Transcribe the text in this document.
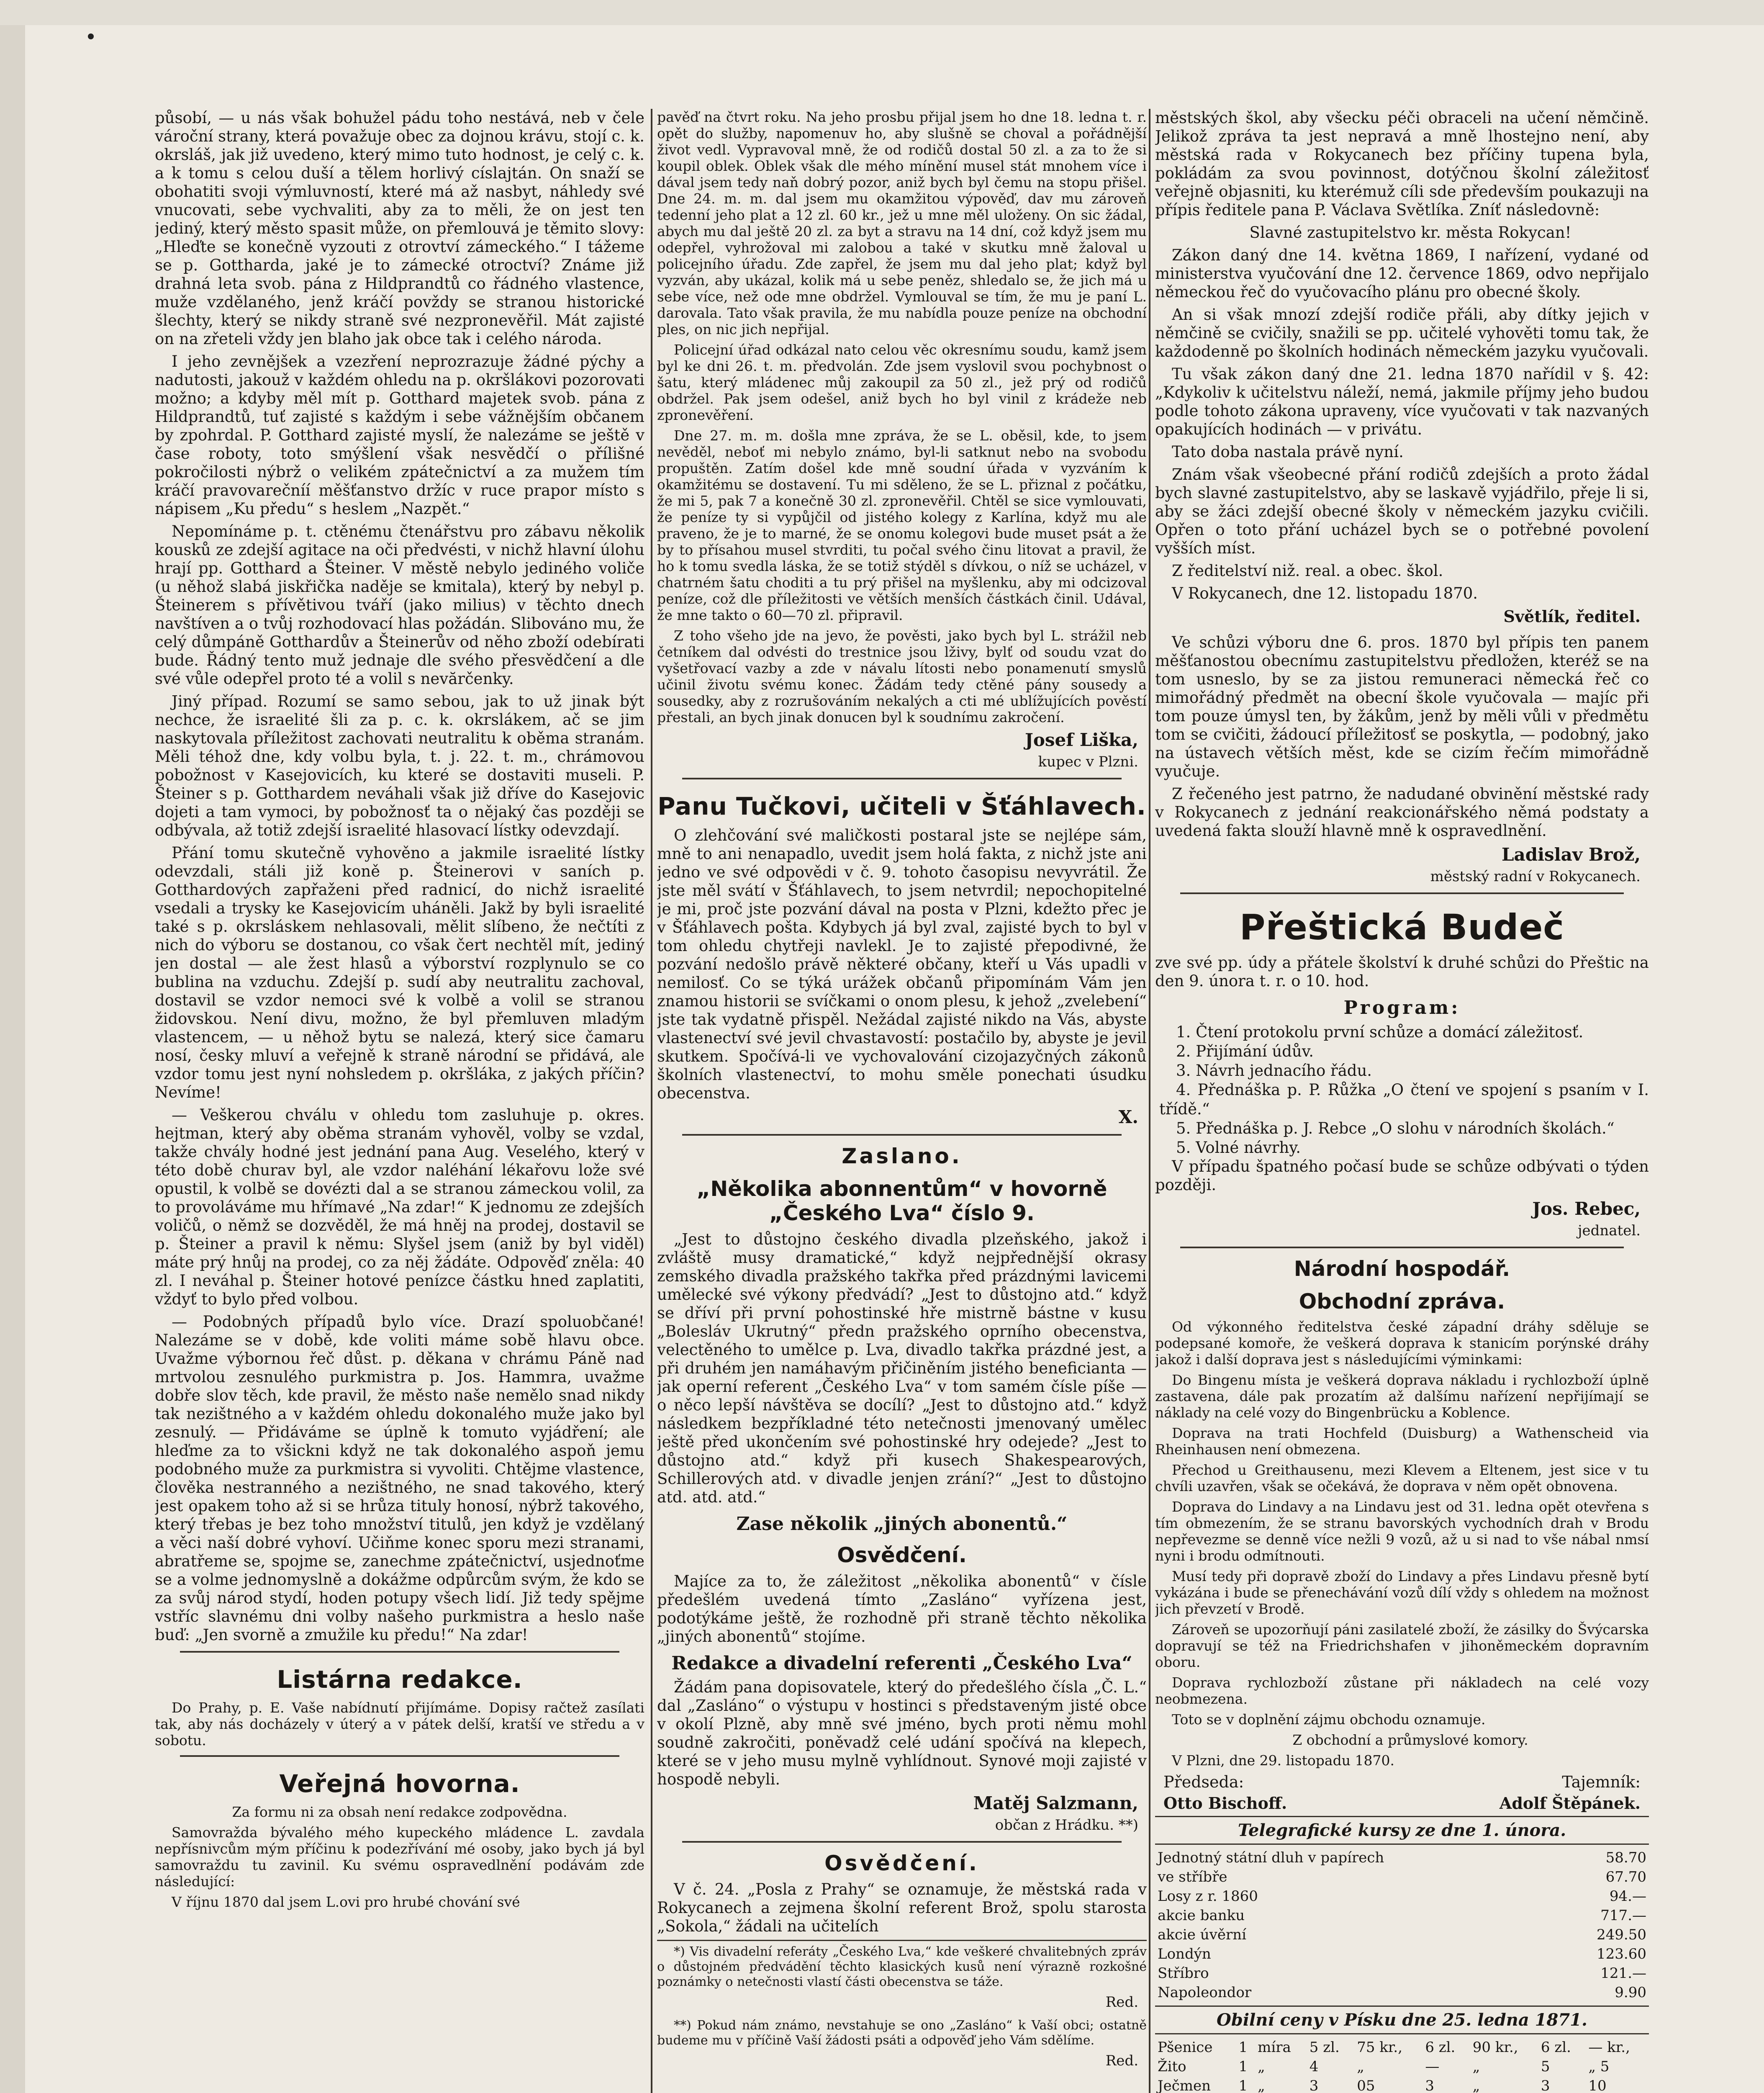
působí, — u nás však bohužel pádu toho nestává, neb v čele vároční strany, která považuje obec za dojnou krávu, stojí c. k. okrsláš, jak již uvedeno, který mimo tuto hodnost, je celý c. k. a k tomu s celou duší a tělem horlivý císlajtán. On snaží se obohatiti svoji výmluvností, které má až nasbyt, náhledy své vnucovati, sebe vychvaliti, aby za to měli, že on jest ten jediný, který město spasit může, on přemlouvá je těmito slovy: „Hleďte se konečně vyzouti z otrovtví zámeckého.“ I tážeme se p. Gottharda, jaké je to zámecké otroctví? Známe již drahná leta svob. pána z Hildprandtů co řádného vlastence, muže vzdělaného, jenž kráčí povždy se stranou historické šlechty, který se nikdy straně své nezpronevěřil. Mát zajisté on na zřeteli vždy jen blaho jak obce tak i celého národa.

I jeho zevnějšek a vzezření neprozrazuje žádné pýchy a nadutosti, jakouž v každém ohledu na p. okršlákovi pozorovati možno; a kdyby měl mít p. Gotthard majetek svob. pána z Hildprandtů, tuť zajisté s každým i sebe vážnějším občanem by zpohrdal. P. Gotthard zajisté myslí, že nalezáme se ještě v čase roboty, toto smýšlení však nesvědčí o přílišné pokročilosti nýbrž o velikém zpátečnictví a za mužem tím kráčí pravovarečníí měšťanstvo držíc v ruce prapor místo s nápisem „Ku předu“ s heslem „Nazpět.“

Nepomínáme p. t. ctěnému čtenářstvu pro zábavu několik kousků ze zdejší agitace na oči předvésti, v nichž hlavní úlohu hrají pp. Gotthard a Šteiner. V městě nebylo jediného voliče (u něhož slabá jiskřička naděje se kmitala), který by nebyl p. Šteinerem s přívětivou tváří (jako milius) v těchto dnech navštíven a o tvůj rozhodovací hlas požádán. Slibováno mu, že celý důmpáně Gotthardův a Šteinerův od něho zboží odebírati bude. Řádný tento muž jednaje dle svého přesvědčení a dle své vůle odepřel proto té a volil s nevărčenky.

Jiný případ. Rozumí se samo sebou, jak to už jinak být nechce, že israelité šli za p. c. k. okrslákem, ač se jim naskytovala příležitost zachovati neutralitu k oběma stranám. Měli téhož dne, kdy volbu byla, t. j. 22. t. m., chrámovou pobožnost v Kasejovicích, ku které se dostaviti museli. P. Šteiner s p. Gotthardem neváhali však již dříve do Kasejovic dojeti a tam vymoci, by pobožnosť ta o nějaký čas později se odbývala, až totiž zdejší israelité hlasovací lístky odevzdají.

Přání tomu skutečně vyhověno a jakmile israelité lístky odevzdali, stáli již koně p. Šteinerovi v saních p. Gotthardových zapřaženi před radnicí, do nichž israelité vsedali a trysky ke Kasejovicím uháněli. Jakž by byli israelité také s p. okrsláskem nehlasovali, mělit slíbeno, že nečtíti z nich do výboru se dostanou, co však čert nechtěl mít, jediný jen dostal — ale žest hlasů a výborství rozplynulo se co bublina na vzduchu. Zdejší p. sudí aby neutralitu zachoval, dostavil se vzdor nemoci své k volbě a volil se stranou židovskou. Není divu, možno, že byl přemluven mladým vlastencem, — u něhož bytu se nalezá, který sice čamaru nosí, česky mluví a veřejně k straně národní se přidává, ale vzdor tomu jest nyní nohsledem p. okršláka, z jakých příčin? Nevíme!

— Veškerou chválu v ohledu tom zasluhuje p. okres. hejtman, který aby oběma stranám vyhověl, volby se vzdal, takže chvály hodné jest jednání pana Aug. Veselého, který v této době churav byl, ale vzdor naléhání lékařovu lože své opustil, k volbě se dovézti dal a se stranou zámeckou volil, za to provoláváme mu hřímavé „Na zdar!“ K jednomu ze zdejších voličů, o němž se dozvěděl, že má hněj na prodej, dostavil se p. Šteiner a pravil k němu: Slyšel jsem (aniž by byl viděl) máte prý hnůj na prodej, co za něj žádáte. Odpověď zněla: 40 zl. I neváhal p. Šteiner hotové penízce částku hned zaplatiti, vždyť to bylo před volbou.

— Podobných případů bylo více. Drazí spoluobčané! Nalezáme se v době, kde voliti máme sobě hlavu obce. Uvažme výbornou řeč důst. p. děkana v chrámu Páně nad mrtvolou zesnulého purkmistra p. Jos. Hammra, uvažme dobře slov těch, kde pravil, že město naše nemělo snad nikdy tak nezištného a v každém ohledu dokonalého muže jako byl zesnulý. — Přidáváme se úplně k tomuto vyjádření; ale hleďme za to všickni když ne tak dokonalého aspoň jemu podobného muže za purkmistra si vyvoliti. Chtějme vlastence, člověka nestranného a nezištného, ne snad takového, který jest opakem toho až si se hrůza tituly honosí, nýbrž takového, který třebas je bez toho množství titulů, jen když je vzdělaný a věci naší dobré vyhoví. Učiňme konec sporu mezi stranami, abratřeme se, spojme se, zanechme zpátečnictví, usjednoťme se a volme jednomyslně a dokážme odpůrcům svým, že kdo se za svůj národ stydí, hoden potupy všech lidí. Již tedy spějme vstříc slavnému dni volby našeho purkmistra a heslo naše buď: „Jen svorně a zmužile ku předu!“ Na zdar!

Listárna redakce.

Do Prahy, p. E. Vaše nabídnutí přijímáme. Dopisy račtež zasílati tak, aby nás docházely v úterý a v pátek delší, kratší ve středu a v sobotu.

Veřejná hovorna.

Za formu ni za obsah není redakce zodpovědna.

Samovražda bývalého mého kupeckého mládence L. zavdala nepřísnivcům mým příčinu k podezřívání mé osoby, jako bych já byl samovraždu tu zavinil. Ku svému ospravedlnění podávám zde následující:

V říjnu 1870 dal jsem L.ovi pro hrubé chování své

pavěď na čtvrt roku. Na jeho prosbu přijal jsem ho dne 18. ledna t. r. opět do služby, napomenuv ho, aby slušně se choval a pořádnější život vedl. Vypravoval mně, že od rodičů dostal 50 zl. a za to že si koupil oblek. Oblek však dle mého mínění musel stát mnohem více i dával jsem tedy naň dobrý pozor, aniž bych byl čemu na stopu přišel. Dne 24. m. m. dal jsem mu okamžitou výpověď, dav mu zároveň tedenní jeho plat a 12 zl. 60 kr., jež u mne měl uloženy. On sic žádal, abych mu dal ještě 20 zl. za byt a stravu na 14 dní, což když jsem mu odepřel, vyhrožoval mi zalobou a také v skutku mně žaloval u policejního úřadu. Zde zapřel, že jsem mu dal jeho plat; když byl vyzván, aby ukázal, kolik má u sebe peněz, shledalo se, že jich má u sebe více, než ode mne obdržel. Vymlouval se tím, že mu je paní L. darovala. Tato však pravila, že mu nabídla pouze peníze na obchodní ples, on nic jich nepřijal.

Policejní úřad odkázal nato celou věc okresnímu soudu, kamž jsem byl ke dni 26. t. m. předvolán. Zde jsem vyslovil svou pochybnost o šatu, který mládenec můj zakoupil za 50 zl., jež prý od rodičů obdržel. Pak jsem odešel, aniž bych ho byl vinil z krádeže neb zpronevěření.

Dne 27. m. m. došla mne zpráva, že se L. oběsil, kde, to jsem nevěděl, neboť mi nebylo známo, byl-li satknut nebo na svobodu propuštěn. Zatím došel kde mně soudní úřada v vyzváním k okamžitému se dostavení. Tu mi sděleno, že se L. přiznal z počátku, že mi 5, pak 7 a konečně 30 zl. zpronevěřil. Chtěl se sice vymlouvati, že peníze ty si vypůjčil od jistého kolegy z Karlína, když mu ale praveno, že je to marné, že se onomu kolegovi bude muset psát a že by to přísahou musel stvrditi, tu počal svého činu litovat a pravil, že ho k tomu svedla láska, že se totiž stýděl s dívkou, o níž se ucházel, v chatrném šatu choditi a tu prý přišel na myšlenku, aby mi odcizoval peníze, což dle příležitosti ve větších menších částkách činil. Udával, že mne takto o 60—70 zl. připravil.

Z toho všeho jde na jevo, že pověsti, jako bych byl L. strážil neb četníkem dal odvésti do trestnice jsou lživy, bylť od soudu vzat do vyšetřovací vazby a zde v návalu lítosti nebo ponamenutí smyslů učinil životu svému konec. Žádám tedy ctěné pány sousedy a sousedky, aby z rozrušováním nekalých a cti mé ublížujících pověstí přestali, an bych jinak donucen byl k soudnímu zakročení.

Josef Liška,
kupec v Plzni.
Panu Tučkovi, učiteli v Šťáhlavech.

O zlehčování své maličkosti postaral jste se nejlépe sám, mně to ani nenapadlo, uvedit jsem holá fakta, z nichž jste ani jedno ve své odpovědi v č. 9. tohoto časopisu nevyvrátil. Že jste měl svátí v Šťáhlavech, to jsem netvrdil; nepochopitelné je mi, proč jste pozvání dával na posta v Plzni, kdežto přec je v Šťáhlavech pošta. Kdybych já byl zval, zajisté bych to byl v tom ohledu chytřeji navlekl. Je to zajisté přepodivné, že pozvání nedošlo právě některé občany, kteří u Vás upadli v nemilosť. Co se týká urážek občanů připomínám Vám jen znamou historii se svíčkami o onom plesu, k jehož „zvelebení“ jste tak vydatně přispěl. Nežádal zajisté nikdo na Vás, abyste vlastenectví své jevil chvastavostí: postačilo by, abyste je jevil skutkem. Spočívá-li ve vychovalování cizojazyčných zákonů školních vlastenectví, to mohu směle ponechati úsudku obecenstva.

X.
Zaslano.
„Několika abonnentům“ v hovorně „Českého Lva“ číslo 9.

„Jest to důstojno českého divadla plzeňského, jakož i zvláště musy dramatické,“ když nejpřednější okrasy zemského divadla pražského takřka před prázdnými lavicemi umělecké své výkony předvádí? „Jest to důstojno atd.“ když se dříví při první pohostinské hře mistrně bástne v kusu „Bolesláv Ukrutný“ předn pražského oprního obecenstva, velectěného to umělce p. Lva, divadlo takřka prázdné jest, a při druhém jen namáhavým přičiněním jistého beneficianta — jak operní referent „Českého Lva“ v tom samém čísle píše — o něco lepší návštěva se docílí? „Jest to důstojno atd.“ když následkem bezpříkladné této netečnosti jmenovaný umělec ještě před ukončením své pohostinské hry odejede? „Jest to důstojno atd.“ když při kusech Shakespearových, Schillerových atd. v divadle jenjen zrání?“ „Jest to důstojno atd. atd. atd.“

Zase několik „jiných abonentů.“
Osvědčení.

Majíce za to, že záležitost „několika abonentů“ v čísle předešlém uvedená tímto „Zasláno“ vyřízena jest, podotýkáme ještě, že rozhodně při straně těchto několika „jiných abonentů“ stojíme.

Redakce a divadelní referenti „Českého Lva“

Žádám pana dopisovatele, který do předešlého čísla „Č. L.“ dal „Zasláno“ o výstupu v hostinci s představeným jisté obce v okolí Plzně, aby mně své jméno, bych proti němu mohl soudně zakročiti, poněvadž celé udání spočívá na klepech, které se v jeho musu mylně vyhlídnout. Synové moji zajisté v hospodě nebyli.

Matěj Salzmann,
občan z Hrádku. **)
Osvědčení.

V č. 24. „Posla z Prahy“ se oznamuje, že městská rada v Rokycanech a zejmena školní referent Brož, spolu starosta „Sokola,“ žádali na učitelích

*) Vis divadelní referáty „Českého Lva,“ kde veškeré chvalitebných zpráv o důstojném předvádění těchto klasických kusů není výrazně rozkošné poznámky o netečnosti vlastí části obecenstva se táže.

Red.

**) Pokud nám známo, nevstahuje se ono „Zasláno“ k Vaší obci; ostatně budeme mu v příčině Vaší žádosti psáti a odpověď jeho Vám sdělíme.

Red.

městských škol, aby všecku péči obraceli na učení němčině. Jelikož zpráva ta jest nepravá a mně lhostejno není, aby městská rada v Rokycanech bez příčiny tupena byla, pokládám za svou povinnost, dotýčnou školní záležitosť veřejně objasniti, ku kterémuž cíli sde především poukazuji na přípis ředitele pana P. Václava Světlíka. Zníť následovně:

Slavné zastupitelstvo kr. města Rokycan!

Zákon daný dne 14. května 1869, I nařízení, vydané od ministerstva vyučování dne 12. července 1869, odvo nepřijalo německou řeč do vyučovacího plánu pro obecné školy.

An si však mnozí zdejší rodiče přáli, aby dítky jejich v němčině se cvičily, snažili se pp. učitelé vyhověti tomu tak, že každodenně po školních hodinách německém jazyku vyučovali.

Tu však zákon daný dne 21. ledna 1870 nařídil v §. 42: „Kdykoliv k učitelstvu náleží, nemá, jakmile příjmy jeho budou podle tohoto zákona upraveny, více vyučovati v tak nazvaných opakujících hodinách — v privátu.

Tato doba nastala právě nyní.

Znám však všeobecné přání rodičů zdejších a proto žádal bych slavné zastupitelstvo, aby se laskavě vyjádřilo, přeje li si, aby se žáci zdejší obecné školy v německém jazyku cvičili. Opřen o toto přání ucházel bych se o potřebné povolení vyšších míst.

Z ředitelství niž. real. a obec. škol.

V Rokycanech, dne 12. listopadu 1870.

Světlík, ředitel.

Ve schůzi výboru dne 6. pros. 1870 byl přípis ten panem měšťanostou obecnímu zastupitelstvu předložen, kteréž se na tom usneslo, by se za jistou remuneraci německá řeč co mimořádný předmět na obecní škole vyučovala — majíc při tom pouze úmysl ten, by žákům, jenž by měli vůli v předmětu tom se cvičiti, žádoucí příležitosť se poskytla, — podobný, jako na ústavech větších měst, kde se cizím řečím mimořádně vyučuje.

Z řečeného jest patrno, že nadudané obvinění městské rady v Rokycanech z jednání reakcionářského němá podstaty a uvedená fakta slouží hlavně mně k ospravedlnění.

Ladislav Brož,
městský radní v Rokycanech.
Přeštická Budeč

zve své pp. údy a přátele školství k druhé schůzi do Přeštic na den 9. února t. r. o 10. hod.

Program:

1. Čtení protokolu první schůze a domácí záležitosť.

2. Přijímání údův.

3. Návrh jednacího řádu.

4. Přednáška p. P. Růžka „O čtení ve spojení s psaním v I. třídě.“

5. Přednáška p. J. Rebce „O slohu v národních školách.“

5. Volné návrhy.

V případu špatného počasí bude se schůze odbývati o týden později.

Jos. Rebec,
jednatel.
Národní hospodář.
Obchodní zpráva.

Od výkonného ředitelstva české západní dráhy sděluje se podepsané komoře, že veškerá doprava k stanicím porýnské dráhy jakož i další doprava jest s následujícími výminkami:

Do Bingenu místa je veškerá doprava nákladu i rychlozboží úplně zastavena, dále pak prozatím až dalšímu nařízení nepřijímají se náklady na celé vozy do Bingenbrücku a Koblence.

Doprava na trati Hochfeld (Duisburg) a Wathenscheid via Rheinhausen není obmezena.

Přechod u Greithausenu, mezi Klevem a Eltenem, jest sice v tu chvíli uzavřen, však se očekává, že doprava v něm opět obnovena.

Doprava do Lindavy a na Lindavu jest od 31. ledna opět otevřena s tím obmezením, že se stranu bavorských vychodních drah v Brodu nepřevezme se denně více nežli 9 vozů, až u si nad to vše nábal nmsí nyni i brodu odmítnouti.

Musí tedy při dopravě zboží do Lindavy a přes Lindavu přesně bytí vykázána i bude se přenechávání vozů dílí vždy s ohledem na možnost jich převzetí v Brodě.

Zároveň se upozorňují páni zasilatelé zboží, že zásilky do Švýcarska dopravují se též na Friedrichshafen v jihoněmeckém dopravním oboru.

Doprava rychlozboží zůstane při nákladech na celé vozy neobmezena.

Toto se v doplnění zájmu obchodu oznamuje.

Z obchodní a průmyslové komory.

V Plzni, dne 29. listopadu 1870.

Předseda:	Tajemník:
Otto Bischoff.	Adolf Štěpánek.
Telegrafické kursy ze dne 1. února.
Jednotný státní dluh v papírech	58.70
ve stříbře	67.70
Losy z r. 1860	94.—
akcie banku	717.—
akcie úvěrní	249.50
Londýn	123.60
Stříbro	121.—
Napoleondor	9.90
Obilní ceny v Písku dne 25. ledna 1871.
Pšenice	1	míra	5 zl.	75 kr.,	6 zl.	90 kr.,	6 zl.	— kr.,
Žito	1	„	4	„	—	„	5	„ 5
Ječmen	1	„	3	05	3	„	3	10
